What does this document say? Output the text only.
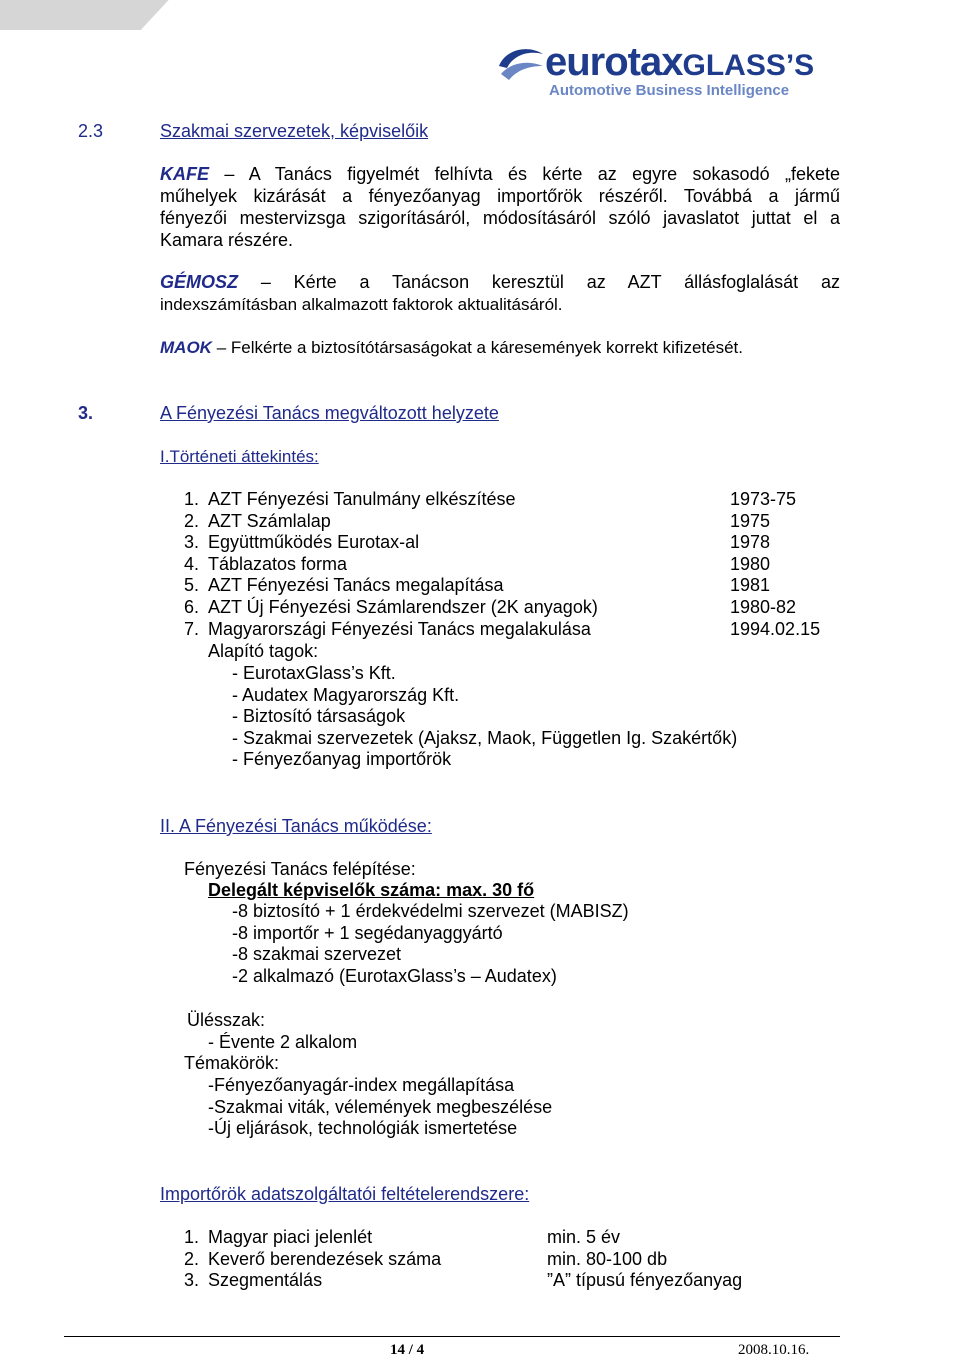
eurotaxGLASS’S
Automotive Business Intelligence
2.3	Szakmai szervezetek, képviselőik
KAFE – A Tanács figyelmét felhívta és kérte az egyre sokasodó „fekete
műhelyek kizárását a fényezőanyag importőrök részéről. Továbbá a jármű
fényezői mestervizsga szigorításáról, módosításáról szóló javaslatot juttat el a
Kamara részére.
GÉMOSZ – Kérte a Tanácson keresztül az AZT állásfoglalását az
indexszámításban alkalmazott faktorok aktualitásáról.
MAOK – Felkérte a biztosítótársaságokat a káresemények korrekt kifizetését.
3.	A Fényezési Tanács megváltozott helyzete
I.Történeti áttekintés:
1. AZT Fényezési Tanulmány elkészítése	1973-75
2. AZT Számlalap	1975
3. Együttműködés Eurotax-al	1978
4. Táblazatos forma	1980
5. AZT Fényezési Tanács megalapítása	1981
6. AZT Új Fényezési Számlarendszer (2K anyagok)	1980-82
7. Magyarországi Fényezési Tanács megalakulása	1994.02.15
Alapító tagok:
- EurotaxGlass’s Kft.
- Audatex Magyarország Kft.
- Biztosító társaságok
- Szakmai szervezetek (Ajaksz, Maok, Független Ig. Szakértők)
- Fényezőanyag importőrök
II. A Fényezési Tanács működése:
Fényezési Tanács felépítése:
Delegált képviselők száma: max. 30 fő
-8 biztosító + 1 érdekvédelmi szervezet (MABISZ)
-8 importőr + 1 segédanyaggyártó
-8 szakmai szervezet
-2 alkalmazó (EurotaxGlass’s – Audatex)
Ülésszak:
- Évente 2 alkalom
Témakörök:
-Fényezőanyagár-index megállapítása
-Szakmai viták, vélemények megbeszélése
-Új eljárások, technológiák ismertetése
Importőrök adatszolgáltatói feltételerendszere:
1. Magyar piaci jelenlét	min. 5 év
2. Keverő berendezések száma	min. 80-100 db
3. Szegmentálás	”A” típusú fényezőanyag
14 / 4	2008.10.16.
